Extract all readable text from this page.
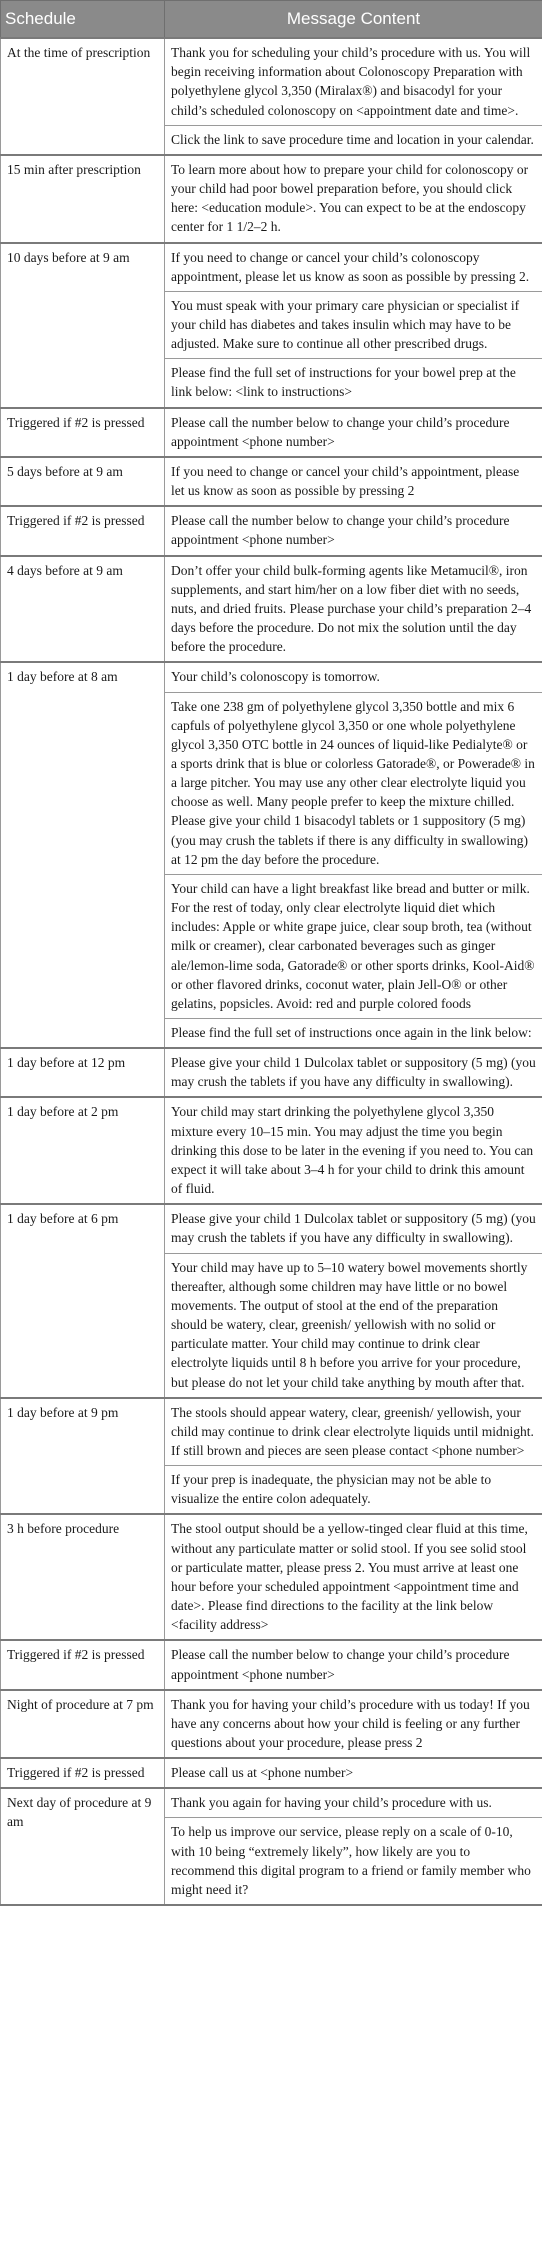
Schedule	Message Content
At the time of prescription	Thank you for scheduling your child’s procedure with us. You will begin receiving information about Colonoscopy Preparation with polyethylene glycol 3,350 (Miralax®) and bisacodyl for your child’s scheduled colonoscopy on <appointment date and time>.
	Click the link to save procedure time and location in your calendar.
15 min after prescription	To learn more about how to prepare your child for colonoscopy or your child had poor bowel preparation before, you should click here: <education module>. You can expect to be at the endoscopy center for 1 1/2–2 h.
10 days before at 9 am	If you need to change or cancel your child’s colonoscopy appointment, please let us know as soon as possible by pressing 2.
	You must speak with your primary care physician or specialist if your child has diabetes and takes insulin which may have to be adjusted. Make sure to continue all other prescribed drugs.
	Please find the full set of instructions for your bowel prep at the link below: <link to instructions>
Triggered if #2 is pressed	Please call the number below to change your child’s procedure appointment <phone number>
5 days before at 9 am	If you need to change or cancel your child’s appointment, please let us know as soon as possible by pressing 2
Triggered if #2 is pressed	Please call the number below to change your child’s procedure appointment <phone number>
4 days before at 9 am	Don’t offer your child bulk-forming agents like Metamucil®, iron supplements, and start him/her on a low fiber diet with no seeds, nuts, and dried fruits. Please purchase your child’s preparation 2–4 days before the procedure. Do not mix the solution until the day before the procedure.
1 day before at 8 am	Your child’s colonoscopy is tomorrow.
	Take one 238 gm of polyethylene glycol 3,350 bottle and mix 6 capfuls of polyethylene glycol 3,350 or one whole polyethylene glycol 3,350 OTC bottle in 24 ounces of liquid-like Pedialyte® or a sports drink that is blue or colorless Gatorade®, or Powerade® in a large pitcher. You may use any other clear electrolyte liquid you choose as well. Many people prefer to keep the mixture chilled. Please give your child 1 bisacodyl tablets or 1 suppository (5 mg) (you may crush the tablets if there is any difficulty in swallowing) at 12 pm the day before the procedure.
	Your child can have a light breakfast like bread and butter or milk. For the rest of today, only clear electrolyte liquid diet which includes: Apple or white grape juice, clear soup broth, tea (without milk or creamer), clear carbonated beverages such as ginger ale/lemon-lime soda, Gatorade® or other sports drinks, Kool-Aid® or other flavored drinks, coconut water, plain Jell-O® or other gelatins, popsicles. Avoid: red and purple colored foods
	Please find the full set of instructions once again in the link below:
1 day before at 12 pm	Please give your child 1 Dulcolax tablet or suppository (5 mg) (you may crush the tablets if you have any difficulty in swallowing).
1 day before at 2 pm	Your child may start drinking the polyethylene glycol 3,350 mixture every 10–15 min. You may adjust the time you begin drinking this dose to be later in the evening if you need to. You can expect it will take about 3–4 h for your child to drink this amount of fluid.
1 day before at 6 pm	Please give your child 1 Dulcolax tablet or suppository (5 mg) (you may crush the tablets if you have any difficulty in swallowing).
	Your child may have up to 5–10 watery bowel movements shortly thereafter, although some children may have little or no bowel movements. The output of stool at the end of the preparation should be watery, clear, greenish/ yellowish with no solid or particulate matter. Your child may continue to drink clear electrolyte liquids until 8 h before you arrive for your procedure, but please do not let your child take anything by mouth after that.
1 day before at 9 pm	The stools should appear watery, clear, greenish/ yellowish, your child may continue to drink clear electrolyte liquids until midnight. If still brown and pieces are seen please contact <phone number>
	If your prep is inadequate, the physician may not be able to visualize the entire colon adequately.
3 h before procedure	The stool output should be a yellow-tinged clear fluid at this time, without any particulate matter or solid stool. If you see solid stool or particulate matter, please press 2. You must arrive at least one hour before your scheduled appointment <appointment time and date>. Please find directions to the facility at the link below <facility address>
Triggered if #2 is pressed	Please call the number below to change your child’s procedure appointment <phone number>
Night of procedure at 7 pm	Thank you for having your child’s procedure with us today! If you have any concerns about how your child is feeling or any further questions about your procedure, please press 2
Triggered if #2 is pressed	Please call us at <phone number>
Next day of procedure at 9 am	Thank you again for having your child’s procedure with us.
	To help us improve our service, please reply on a scale of 0-10, with 10 being “extremely likely”, how likely are you to recommend this digital program to a friend or family member who might need it?
